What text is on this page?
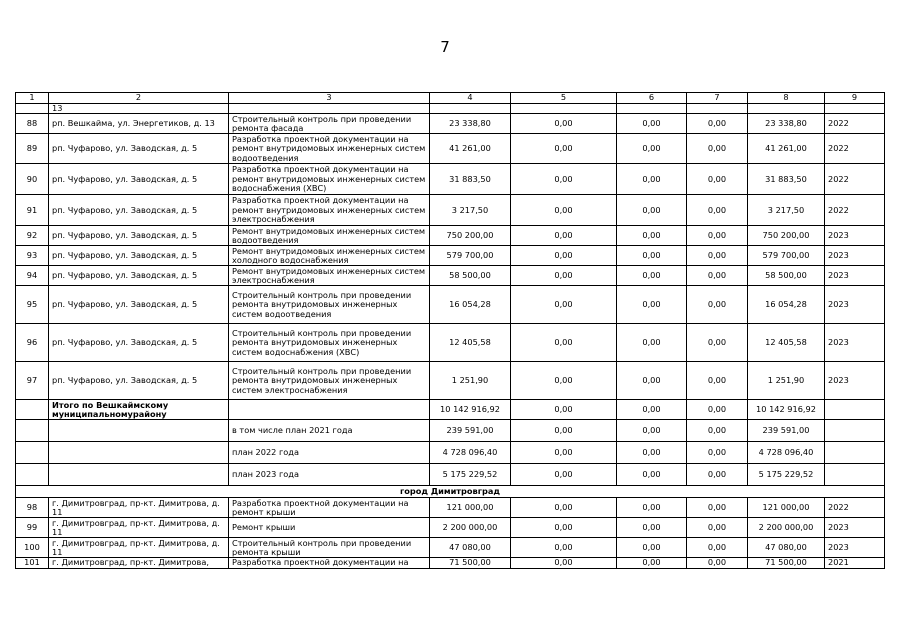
7
1	2	3	4	5	6	7	8	9
	13							
88	рп. Вешкайма, ул. Энергетиков, д. 13	Строительный контроль при проведении ремонта фасада	23 338,80	0,00	0,00	0,00	23 338,80	2022
89	рп. Чуфарово, ул. Заводская, д. 5	Разработка проектной документации на ремонт внутридомовых инженерных систем водоотведения	41 261,00	0,00	0,00	0,00	41 261,00	2022
90	рп. Чуфарово, ул. Заводская, д. 5	Разработка проектной документации на ремонт внутридомовых инженерных систем водоснабжения (ХВС)	31 883,50	0,00	0,00	0,00	31 883,50	2022
91	рп. Чуфарово, ул. Заводская, д. 5	Разработка проектной документации на ремонт внутридомовых инженерных систем электроснабжения	3 217,50	0,00	0,00	0,00	3 217,50	2022
92	рп. Чуфарово, ул. Заводская, д. 5	Ремонт внутридомовых инженерных систем водоотведения	750 200,00	0,00	0,00	0,00	750 200,00	2023
93	рп. Чуфарово, ул. Заводская, д. 5	Ремонт внутридомовых инженерных систем холодного водоснабжения	579 700,00	0,00	0,00	0,00	579 700,00	2023
94	рп. Чуфарово, ул. Заводская, д. 5	Ремонт внутридомовых инженерных систем электроснабжения	58 500,00	0,00	0,00	0,00	58 500,00	2023
95	рп. Чуфарово, ул. Заводская, д. 5	Строительный контроль при проведении ремонта внутридомовых инженерных систем водоотведения	16 054,28	0,00	0,00	0,00	16 054,28	2023
96	рп. Чуфарово, ул. Заводская, д. 5	Строительный контроль при проведении ремонта внутридомовых инженерных систем водоснабжения (ХВС)	12 405,58	0,00	0,00	0,00	12 405,58	2023
97	рп. Чуфарово, ул. Заводская, д. 5	Строительный контроль при проведении ремонта внутридомовых инженерных систем электроснабжения	1 251,90	0,00	0,00	0,00	1 251,90	2023
	Итого по Вешкаймскому муниципальномурайону		10 142 916,92	0,00	0,00	0,00	10 142 916,92	
		в том числе план 2021 года	239 591,00	0,00	0,00	0,00	239 591,00	
		план 2022 года	4 728 096,40	0,00	0,00	0,00	4 728 096,40	
		план 2023 года	5 175 229,52	0,00	0,00	0,00	5 175 229,52	
город Димитровград								
98	г. Димитровград, пр-кт. Димитрова, д. 11	Разработка проектной документации на ремонт крыши	121 000,00	0,00	0,00	0,00	121 000,00	2022
99	г. Димитровград, пр-кт. Димитрова, д. 11	Ремонт крыши	2 200 000,00	0,00	0,00	0,00	2 200 000,00	2023
100	г. Димитровград, пр-кт. Димитрова, д. 11	Строительный контроль при проведении ремонта крыши	47 080,00	0,00	0,00	0,00	47 080,00	2023
101	г. Димитровград, пр-кт. Димитрова,	Разработка проектной документации на	71 500,00	0,00	0,00	0,00	71 500,00	2021
